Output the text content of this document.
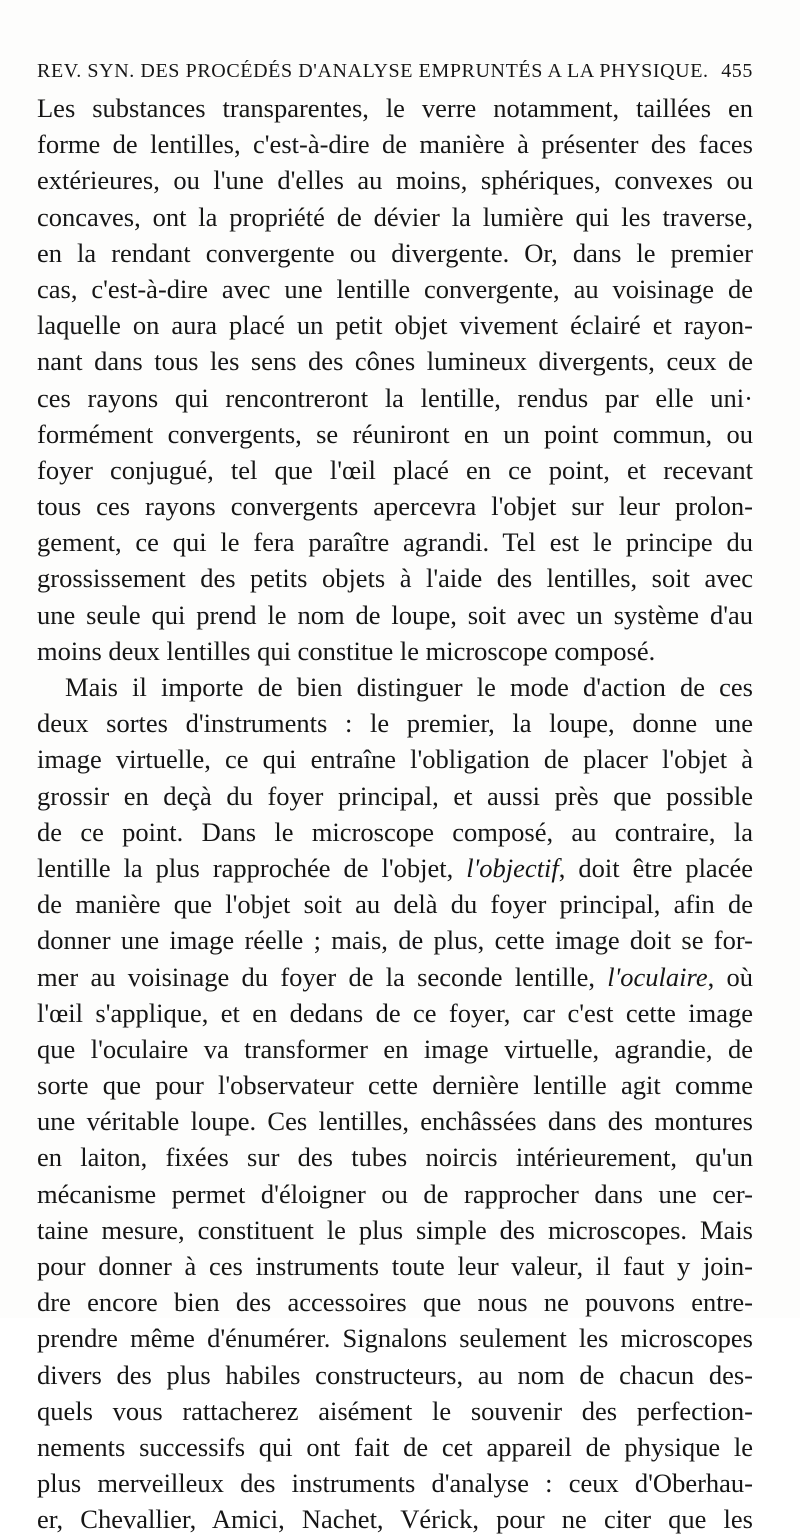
REV. SYN. DES PROCÉDÉS D'ANALYSE EMPRUNTÉS A LA PHYSIQUE. 455
Les substances transparentes, le verre notamment, taillées en
forme de lentilles, c'est-à-dire de manière à présenter des faces
extérieures, ou l'une d'elles au moins, sphériques, convexes ou
concaves, ont la propriété de dévier la lumière qui les traverse,
en la rendant convergente ou divergente. Or, dans le premier
cas, c'est-à-dire avec une lentille convergente, au voisinage de
laquelle on aura placé un petit objet vivement éclairé et rayon-
nant dans tous les sens des cônes lumineux divergents, ceux de
ces rayons qui rencontreront la lentille, rendus par elle uni·
formément convergents, se réuniront en un point commun, ou
foyer conjugué, tel que l'œil placé en ce point, et recevant
tous ces rayons convergents apercevra l'objet sur leur prolon-
gement, ce qui le fera paraître agrandi. Tel est le principe du
grossissement des petits objets à l'aide des lentilles, soit avec
une seule qui prend le nom de loupe, soit avec un système d'au
moins deux lentilles qui constitue le microscope composé.
Mais il importe de bien distinguer le mode d'action de ces
deux sortes d'instruments : le premier, la loupe, donne une
image virtuelle, ce qui entraîne l'obligation de placer l'objet à
grossir en deçà du foyer principal, et aussi près que possible
de ce point. Dans le microscope composé, au contraire, la
lentille la plus rapprochée de l'objet, l'objectif, doit être placée
de manière que l'objet soit au delà du foyer principal, afin de
donner une image réelle ; mais, de plus, cette image doit se for-
mer au voisinage du foyer de la seconde lentille, l'oculaire, où
l'œil s'applique, et en dedans de ce foyer, car c'est cette image
que l'oculaire va transformer en image virtuelle, agrandie, de
sorte que pour l'observateur cette dernière lentille agit comme
une véritable loupe. Ces lentilles, enchâssées dans des montures
en laiton, fixées sur des tubes noircis intérieurement, qu'un
mécanisme permet d'éloigner ou de rapprocher dans une cer-
taine mesure, constituent le plus simple des microscopes. Mais
pour donner à ces instruments toute leur valeur, il faut y join-
dre encore bien des accessoires que nous ne pouvons entre-
prendre même d'énumérer. Signalons seulement les microscopes
divers des plus habiles constructeurs, au nom de chacun des-
quels vous rattacherez aisément le souvenir des perfection-
nements successifs qui ont fait de cet appareil de physique le
plus merveilleux des instruments d'analyse : ceux d'Oberhau-
er, Chevallier, Amici, Nachet, Vérick, pour ne citer que les
